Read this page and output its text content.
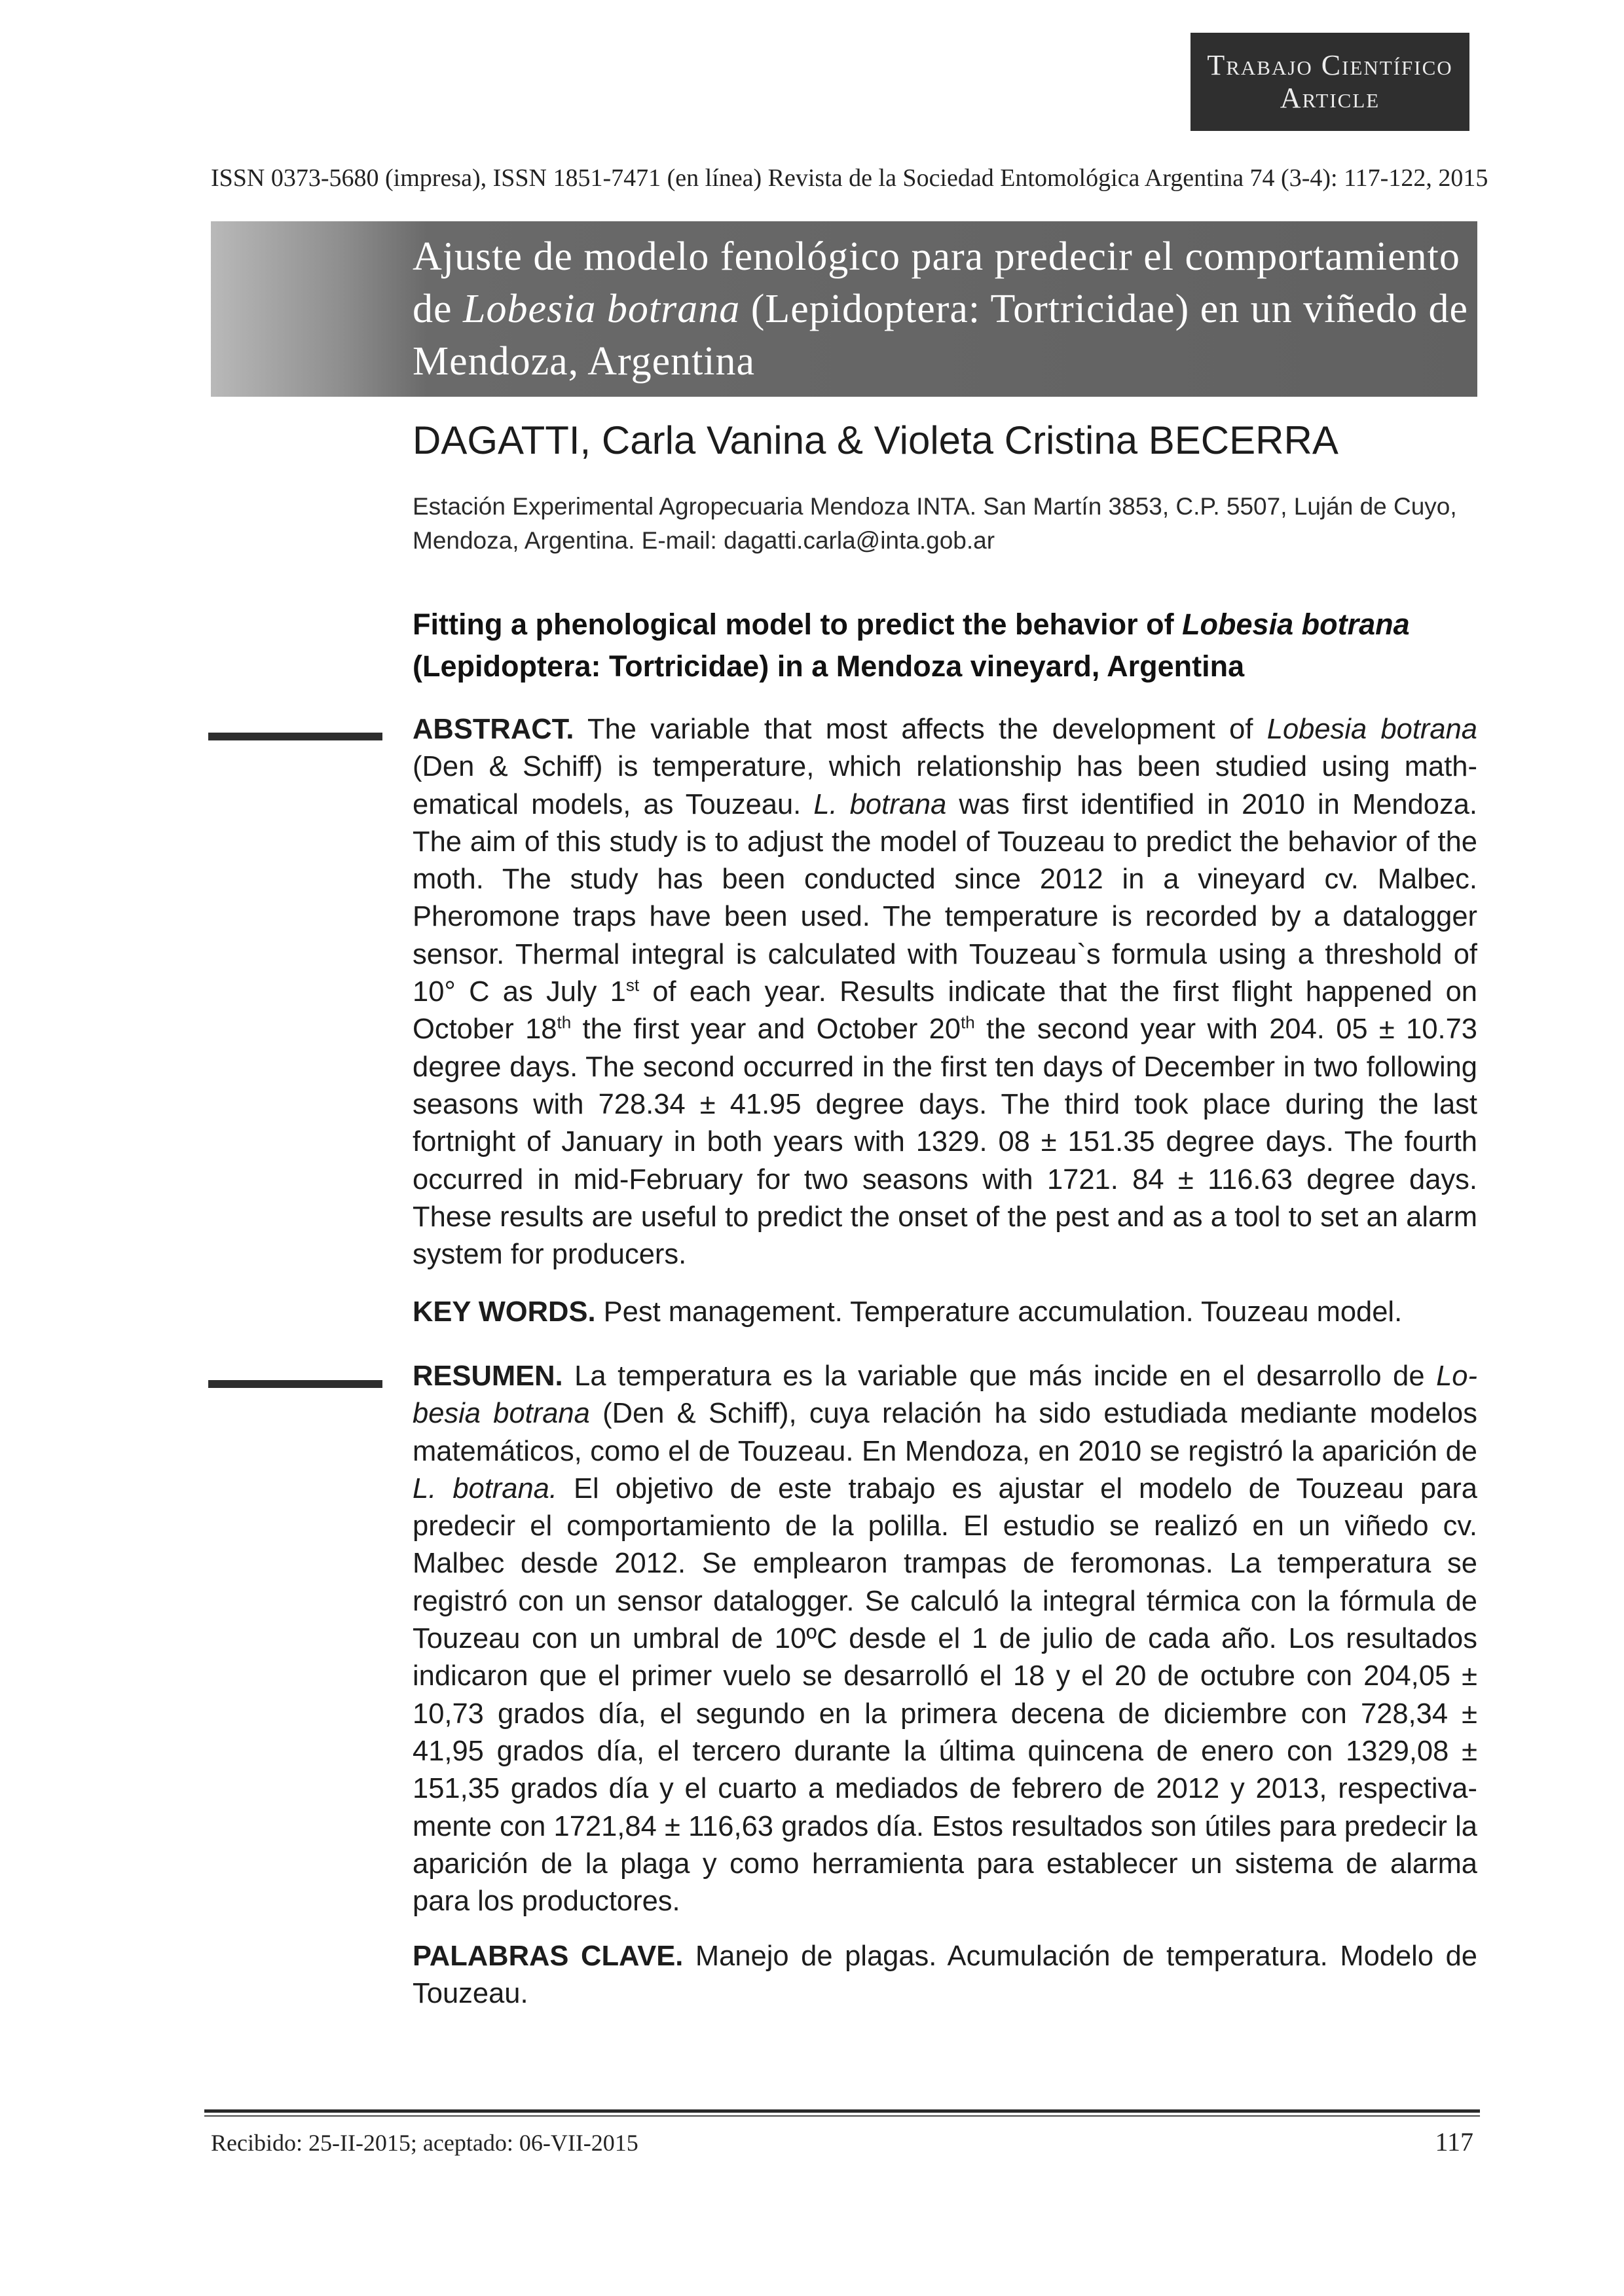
Trabajo Científico
Article
ISSN 0373-5680 (impresa), ISSN 1851-7471 (en línea) Revista de la Sociedad Entomológica Argentina 74 (3-4): 117-122, 2015
Ajuste de modelo fenológico para predecir el comportamiento de Lobesia botrana (Lepidoptera: Tortricidae) en un viñedo de Mendoza, Argentina

DAGATTI, Carla Vanina & Violeta Cristina BECERRA

Estación Experimental Agropecuaria Mendoza INTA. San Martín 3853, C.P. 5507, Luján de Cuyo, Mendoza, Argentina. E-mail: dagatti.carla@inta.gob.ar

Fitting a phenological model to predict the behavior of Lobesia botrana (Lepidoptera: Tortricidae) in a Mendoza vineyard, Argentina

ABSTRACT. The variable that most affects the development of Lobesia botrana (Den & Schiff) is temperature, which relationship has been studied using mathematical models, as Touzeau. L. botrana was first identified in 2010 in Mendoza. The aim of this study is to adjust the model of Touzeau to predict the behavior of the moth. The study has been conducted since 2012 in a vineyard cv. Malbec. Pheromone traps have been used. The temperature is recorded by a datalogger sensor. Thermal integral is calculated with Touzeau`s formula using a threshold of 10° C as July 1st of each year. Results indicate that the first flight happened on October 18th the first year and October 20th the second year with 204. 05 ± 10.73 degree days. The second occurred in the first ten days of December in two following seasons with 728.34 ± 41.95 degree days. The third took place during the last fortnight of January in both years with 1329. 08 ± 151.35 degree days. The fourth occurred in mid-February for two seasons with 1721. 84 ± 116.63 degree days. These results are useful to predict the onset of the pest and as a tool to set an alarm system for producers.

KEY WORDS. Pest management. Temperature accumulation. Touzeau model.

RESUMEN. La temperatura es la variable que más incide en el desarrollo de Lobesia botrana (Den & Schiff), cuya relación ha sido estudiada mediante modelos matemáticos, como el de Touzeau. En Mendoza, en 2010 se registró la aparición de L. botrana. El objetivo de este trabajo es ajustar el modelo de Touzeau para predecir el comportamiento de la polilla. El estudio se realizó en un viñedo cv. Malbec desde 2012. Se emplearon trampas de feromonas. La temperatura se registró con un sensor datalogger. Se calculó la integral térmica con la fórmula de Touzeau con un umbral de 10ºC desde el 1 de julio de cada año. Los resultados indicaron que el primer vuelo se desarrolló el 18 y el 20 de octubre con 204,05 ± 10,73 grados día, el segundo en la primera decena de diciembre con 728,34 ± 41,95 grados día, el tercero durante la última quincena de enero con 1329,08 ± 151,35 grados día y el cuarto a mediados de febrero de 2012 y 2013, respectivamente con 1721,84 ± 116,63 grados día. Estos resultados son útiles para predecir la aparición de la plaga y como herramienta para establecer un sistema de alarma para los productores.

PALABRAS CLAVE. Manejo de plagas. Acumulación de temperatura. Modelo de Touzeau.

Recibido: 25-II-2015; aceptado: 06-VII-2015	117
